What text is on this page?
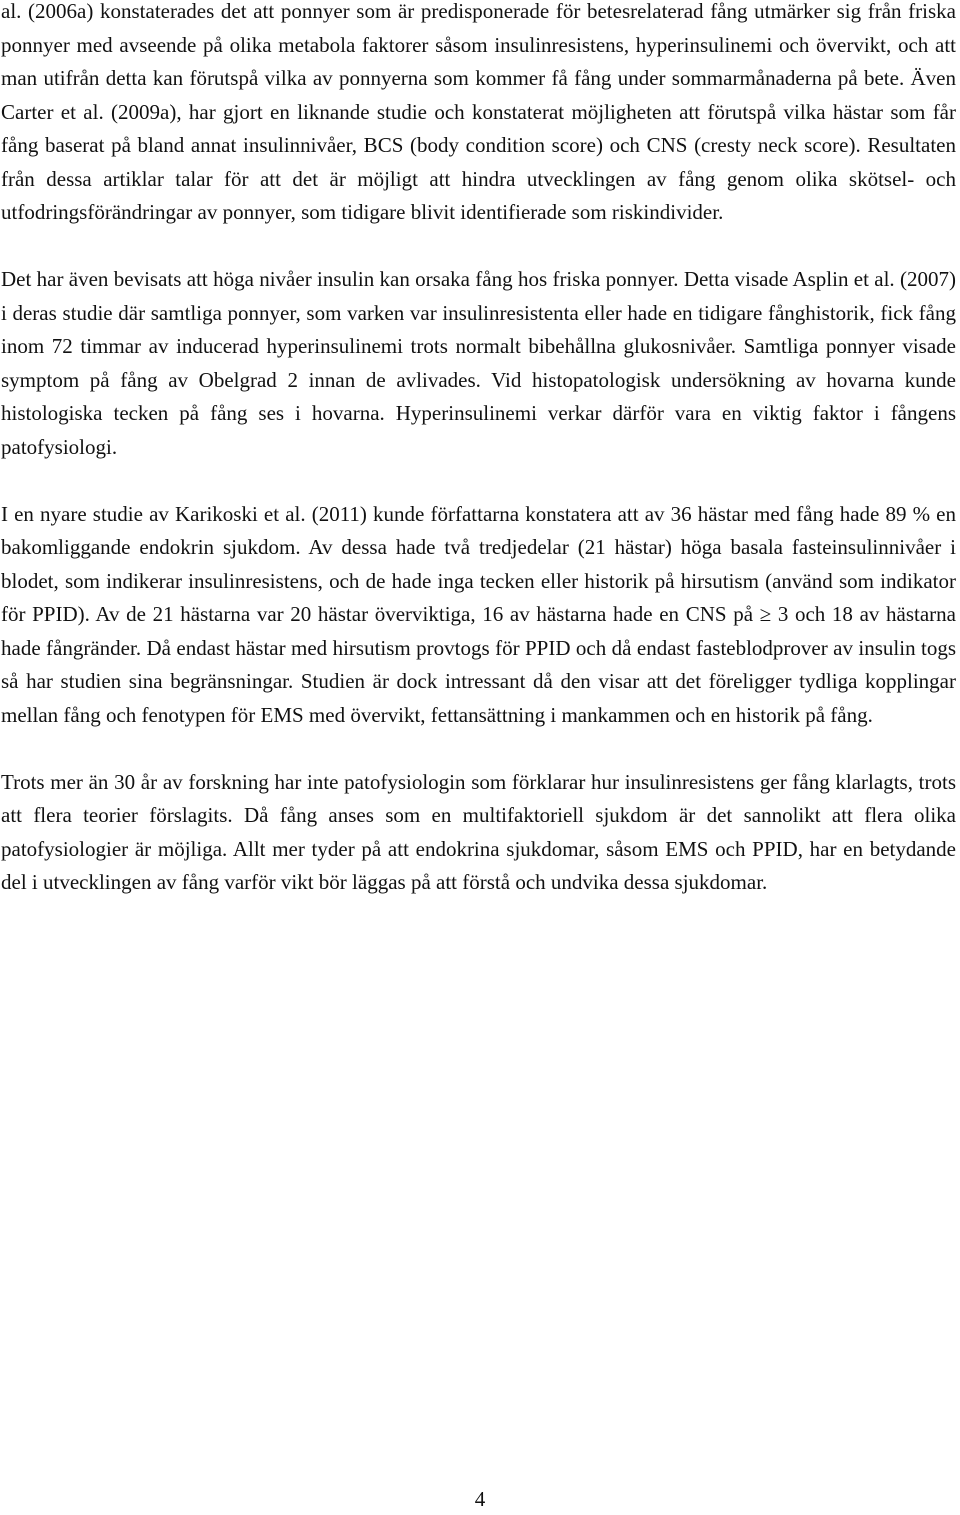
al. (2006a) konstaterades det att ponnyer som är predisponerade för betesrelaterad fång utmärker sig från friska ponnyer med avseende på olika metabola faktorer såsom insulinresistens, hyperinsulinemi och övervikt, och att man utifrån detta kan förutspå vilka av ponnyerna som kommer få fång under sommarmånaderna på bete. Även Carter et al. (2009a), har gjort en liknande studie och konstaterat möjligheten att förutspå vilka hästar som får fång baserat på bland annat insulinnivåer, BCS (body condition score) och CNS (cresty neck score). Resultaten från dessa artiklar talar för att det är möjligt att hindra utvecklingen av fång genom olika skötsel- och utfodringsförändringar av ponnyer, som tidigare blivit identifierade som riskindivider.

Det har även bevisats att höga nivåer insulin kan orsaka fång hos friska ponnyer. Detta visade Asplin et al. (2007) i deras studie där samtliga ponnyer, som varken var insulinresistenta eller hade en tidigare fånghistorik, fick fång inom 72 timmar av inducerad hyperinsulinemi trots normalt bibehållna glukosnivåer. Samtliga ponnyer visade symptom på fång av Obelgrad 2 innan de avlivades. Vid histopatologisk undersökning av hovarna kunde histologiska tecken på fång ses i hovarna. Hyperinsulinemi verkar därför vara en viktig faktor i fångens patofysiologi.

I en nyare studie av Karikoski et al. (2011) kunde författarna konstatera att av 36 hästar med fång hade 89 % en bakomliggande endokrin sjukdom. Av dessa hade två tredjedelar (21 hästar) höga basala fasteinsulinnivåer i blodet, som indikerar insulinresistens, och de hade inga tecken eller historik på hirsutism (använd som indikator för PPID). Av de 21 hästarna var 20 hästar överviktiga, 16 av hästarna hade en CNS på ≥ 3 och 18 av hästarna hade fångränder. Då endast hästar med hirsutism provtogs för PPID och då endast fasteblodprover av insulin togs så har studien sina begränsningar. Studien är dock intressant då den visar att det föreligger tydliga kopplingar mellan fång och fenotypen för EMS med övervikt, fettansättning i mankammen och en historik på fång.

Trots mer än 30 år av forskning har inte patofysiologin som förklarar hur insulinresistens ger fång klarlagts, trots att flera teorier förslagits. Då fång anses som en multifaktoriell sjukdom är det sannolikt att flera olika patofysiologier är möjliga. Allt mer tyder på att endokrina sjukdomar, såsom EMS och PPID, har en betydande del i utvecklingen av fång varför vikt bör läggas på att förstå och undvika dessa sjukdomar.

4
